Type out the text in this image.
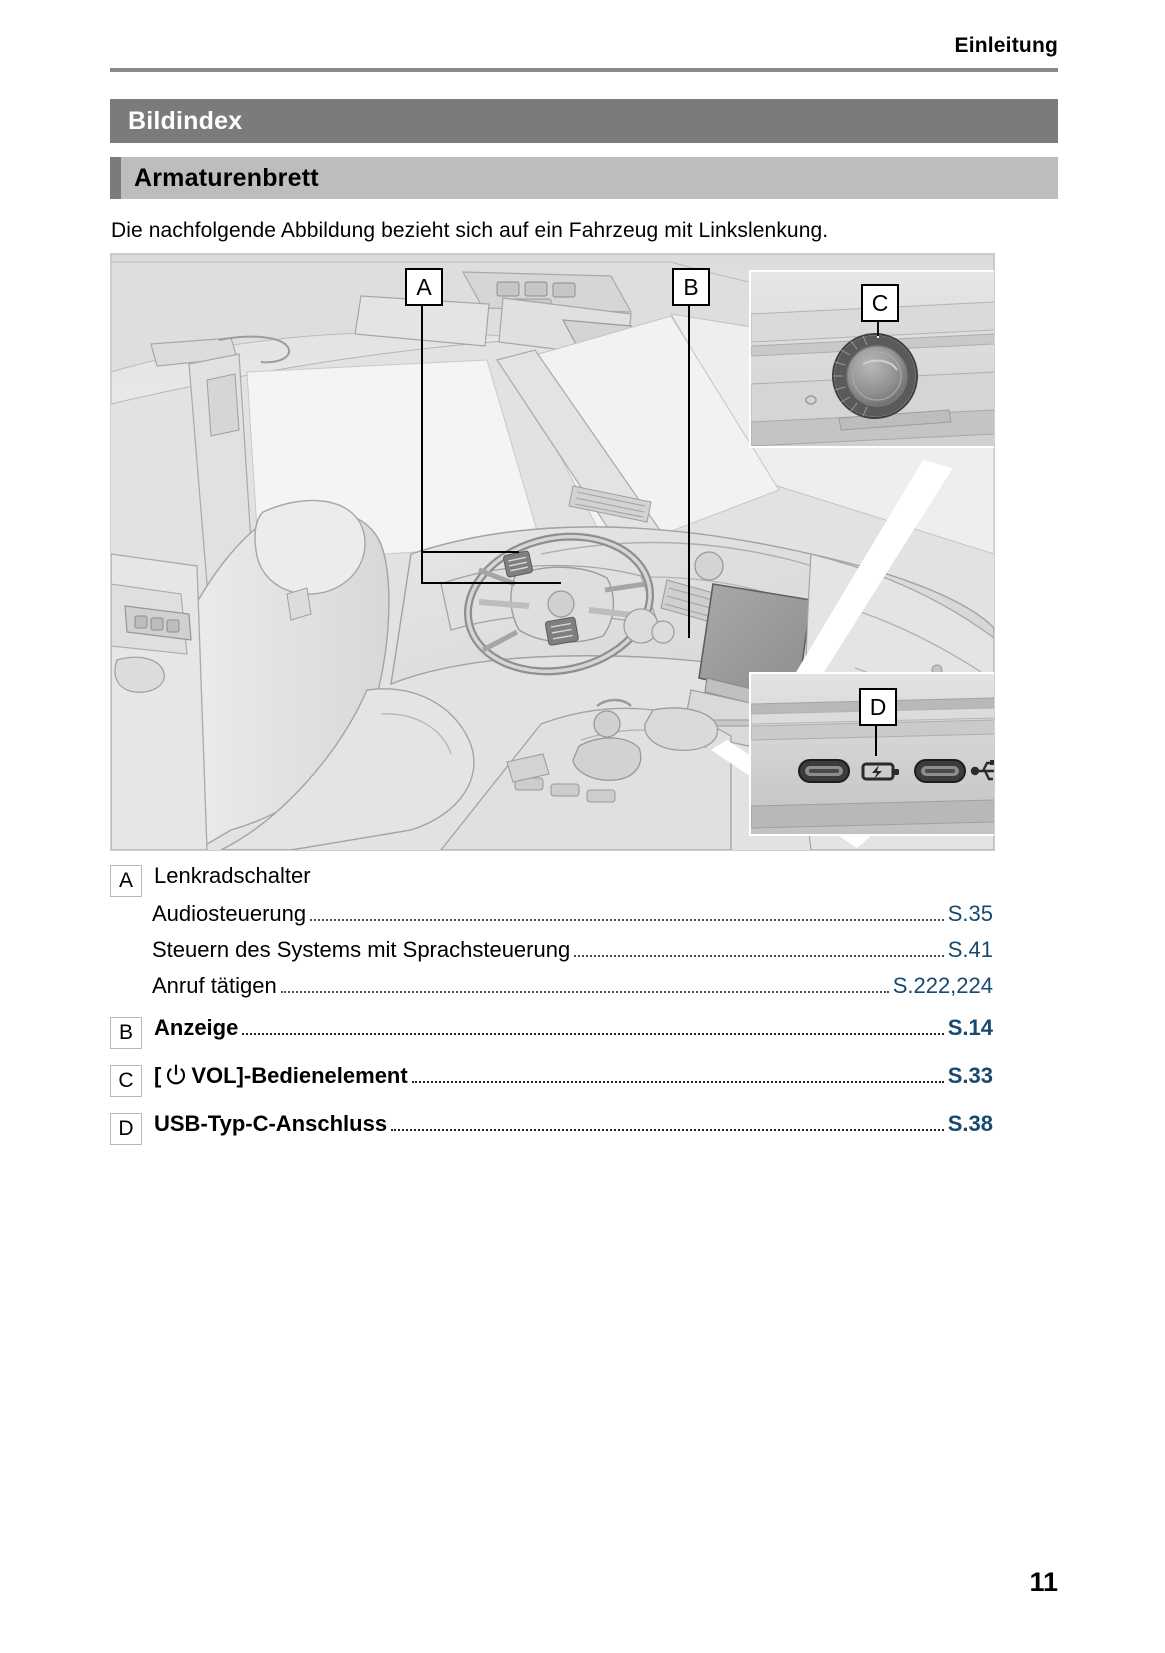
Einleitung
Bildindex
Armaturenbrett
Die nachfolgende Abbildung bezieht sich auf ein Fahrzeug mit Linkslenkung.
C
D
A	B
A Lenkradschalter
Audiosteuerung	S.35
Steuern des Systems mit Sprachsteuerung	S.41
Anruf tätigen	S.222,224
B Anzeige	S.14
C [ VOL]-Bedienelement	S.33
D USB-Typ-C-Anschluss	S.38
11
